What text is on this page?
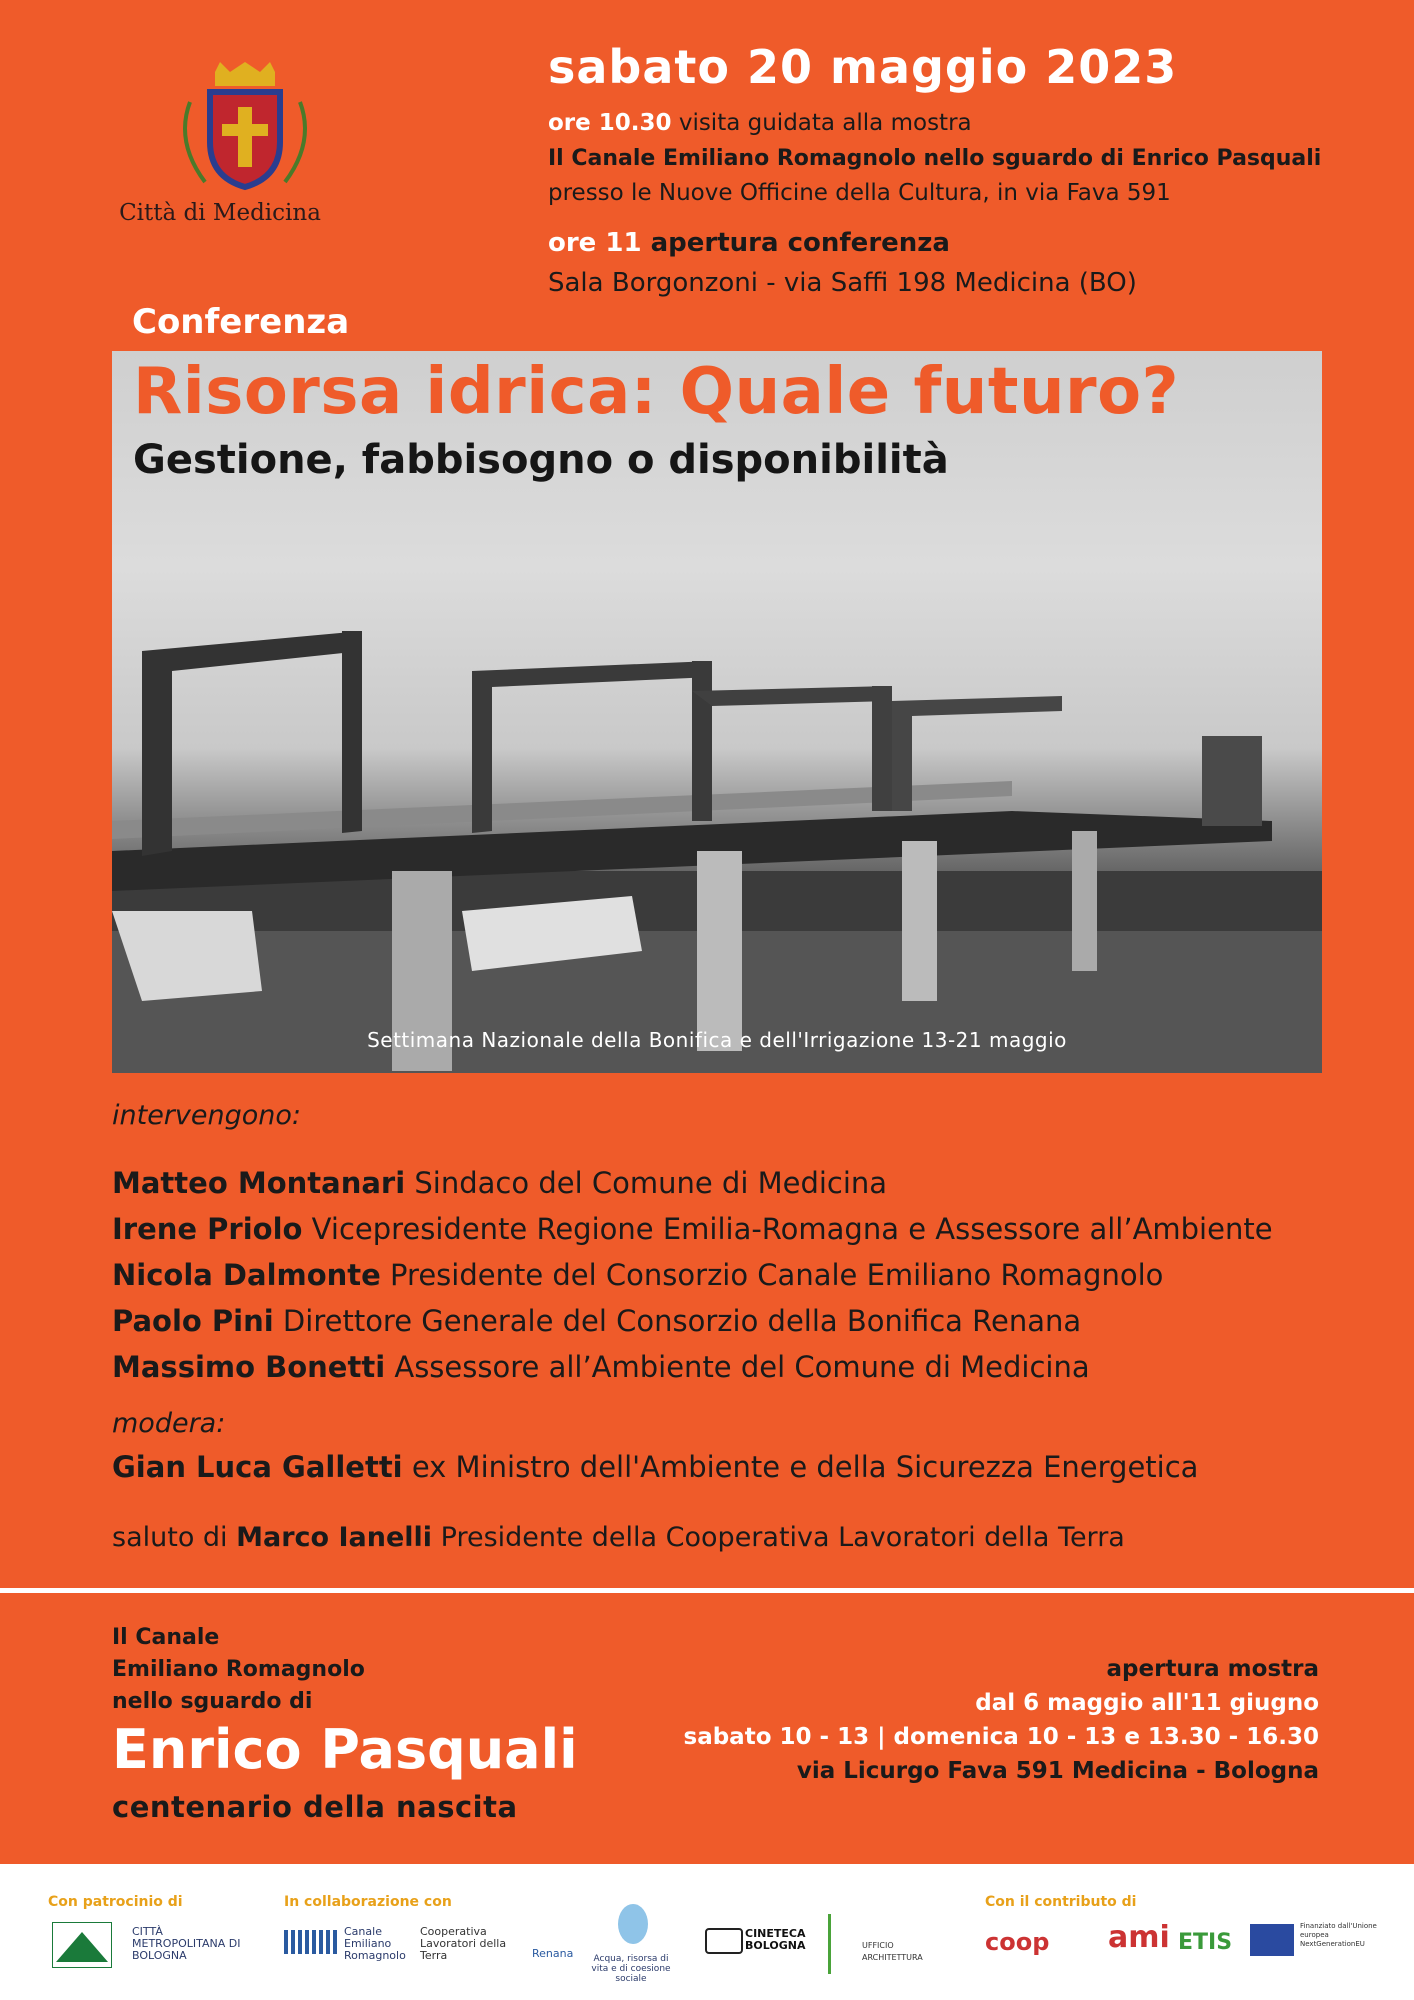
Città di Medicina
sabato 20 maggio 2023
ore 10.30 visita guidata alla mostra
Il Canale Emiliano Romagnolo nello sguardo di Enrico Pasquali
presso le Nuove Officine della Cultura, in via Fava 591
ore 11 apertura conferenza
Sala Borgonzoni - via Saffi 198 Medicina (BO)
Conferenza
Risorsa idrica: Quale futuro?
Gestione, fabbisogno o disponibilità
Settimana Nazionale della Bonifica e dell'Irrigazione 13-21 maggio
intervengono:
Matteo Montanari Sindaco del Comune di Medicina
Irene Priolo Vicepresidente Regione Emilia-Romagna e Assessore all’Ambiente
Nicola Dalmonte Presidente del Consorzio Canale Emiliano Romagnolo
Paolo Pini Direttore Generale del Consorzio della Bonifica Renana
Massimo Bonetti Assessore all’Ambiente del Comune di Medicina
modera:
Gian Luca Galletti ex Ministro dell'Ambiente e della Sicurezza Energetica
saluto di Marco Ianelli Presidente della Cooperativa Lavoratori della Terra
Il Canale
Emiliano Romagnolo
nello sguardo di
Enrico Pasquali
centenario della nascita
apertura mostra
dal 6 maggio all'11 giugno
sabato 10 - 13 | domenica 10 - 13 e 13.30 - 16.30
via Licurgo Fava 591 Medicina - Bologna
Con patrocinio di	In collaborazione con	Con il contributo di
CITTÀ METROPOLITANA DI BOLOGNA
Canale Emiliano Romagnolo
Cooperativa Lavoratori della Terra	Renana	Acqua, risorsa di vita e di coesione sociale
CINETECA BOLOGNA	UFFICIO ARCHITETTURA
coop ami ETIS
Finanziato dall'Unione europea NextGenerationEU
